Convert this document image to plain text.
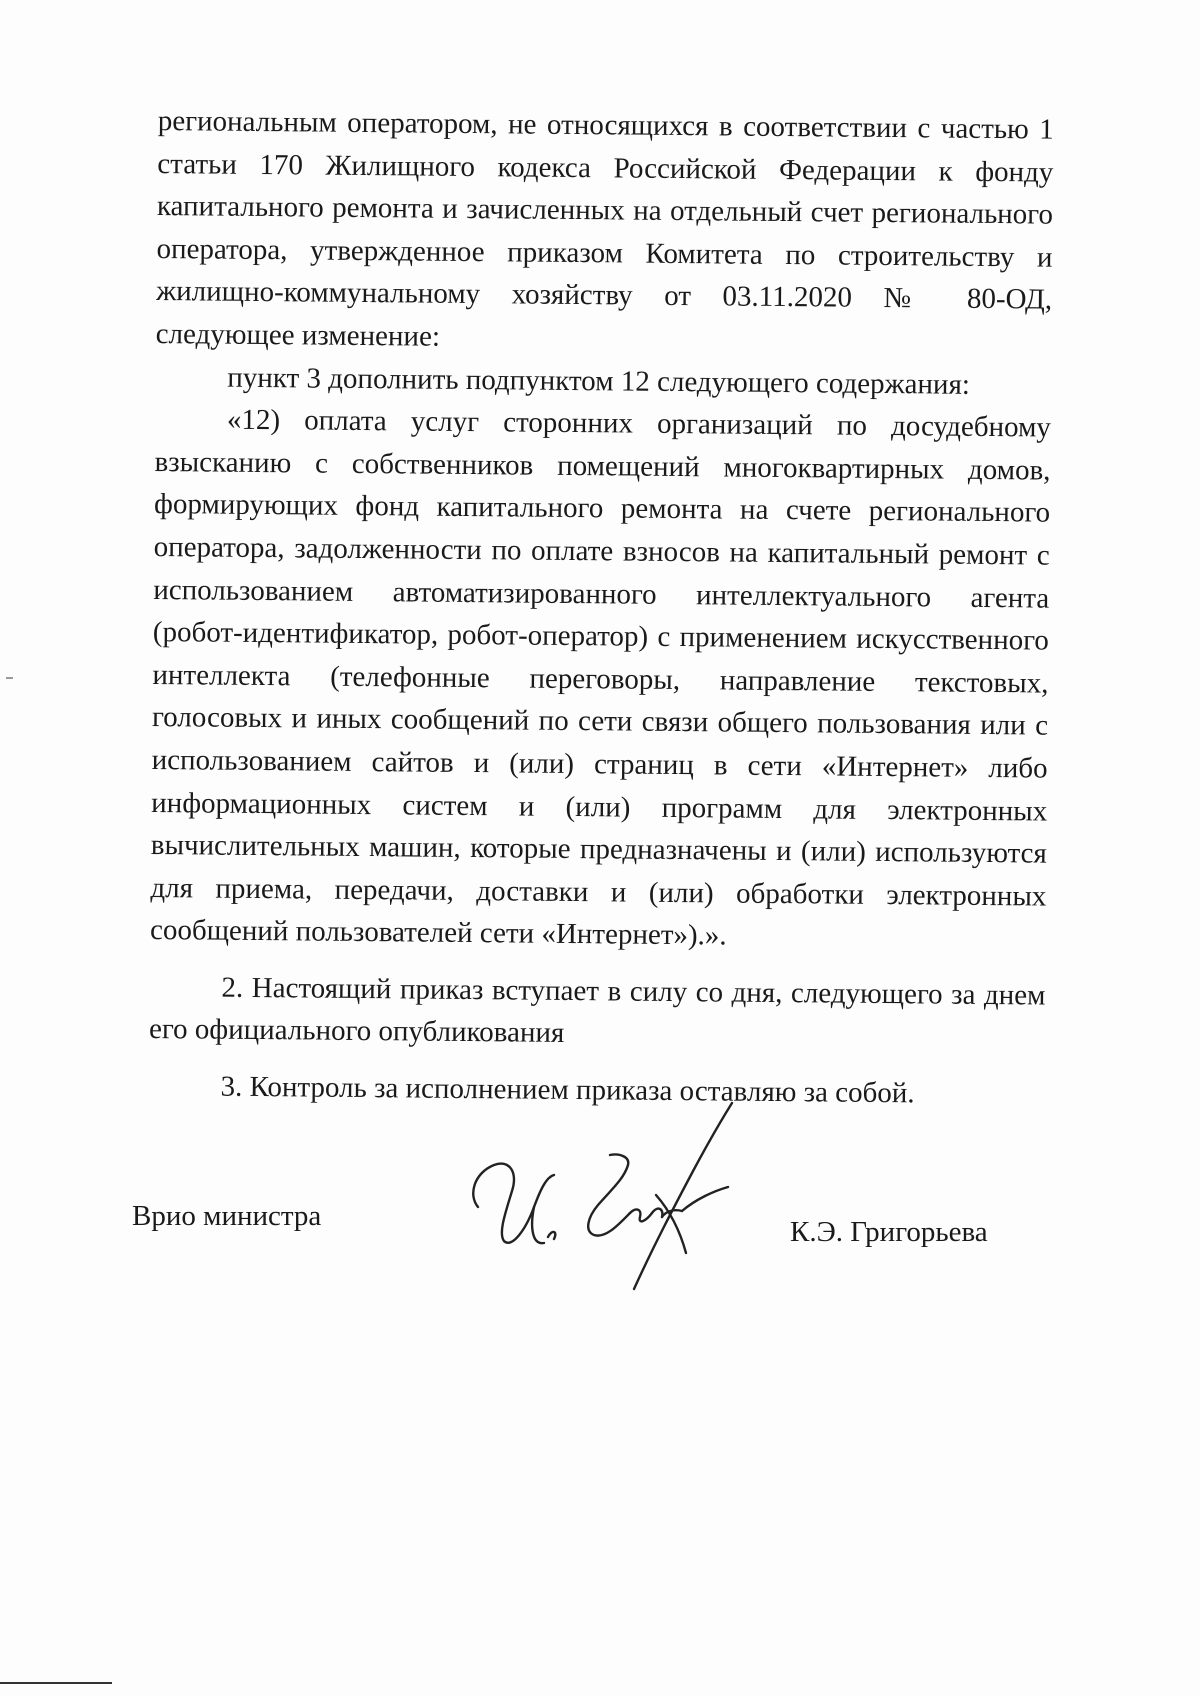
региональным оператором, не относящихся в соответствии с частью 1 статьи 170 Жилищного кодекса Российской Федерации к фонду капитального ремонта и зачисленных на отдельный счет регионального оператора, утвержденное приказом Комитета по строительству и жилищно-коммунальному хозяйству от 03.11.2020 № 80-ОД, следующее изменение:

пункт 3 дополнить подпунктом 12 следующего содержания:

«12) оплата услуг сторонних организаций по досудебному взысканию с собственников помещений многоквартирных домов, формирующих фонд капитального ремонта на счете регионального оператора, задолженности по оплате взносов на капитальный ремонт с использованием автоматизированного интеллектуального агента (робот-идентификатор, робот-оператор) с применением искусственного интеллекта (телефонные переговоры, направление текстовых, голосовых и иных сообщений по сети связи общего пользования или с использованием сайтов и (или) страниц в сети «Интернет» либо информационных систем и (или) программ для электронных вычислительных машин, которые предназначены и (или) используются для приема, передачи, доставки и (или) обработки электронных сообщений пользователей сети «Интернет»).».

2. Настоящий приказ вступает в силу со дня, следующего за днем его официального опубликования

3. Контроль за исполнением приказа оставляю за собой.

Врио министра	К.Э. Григорьева
